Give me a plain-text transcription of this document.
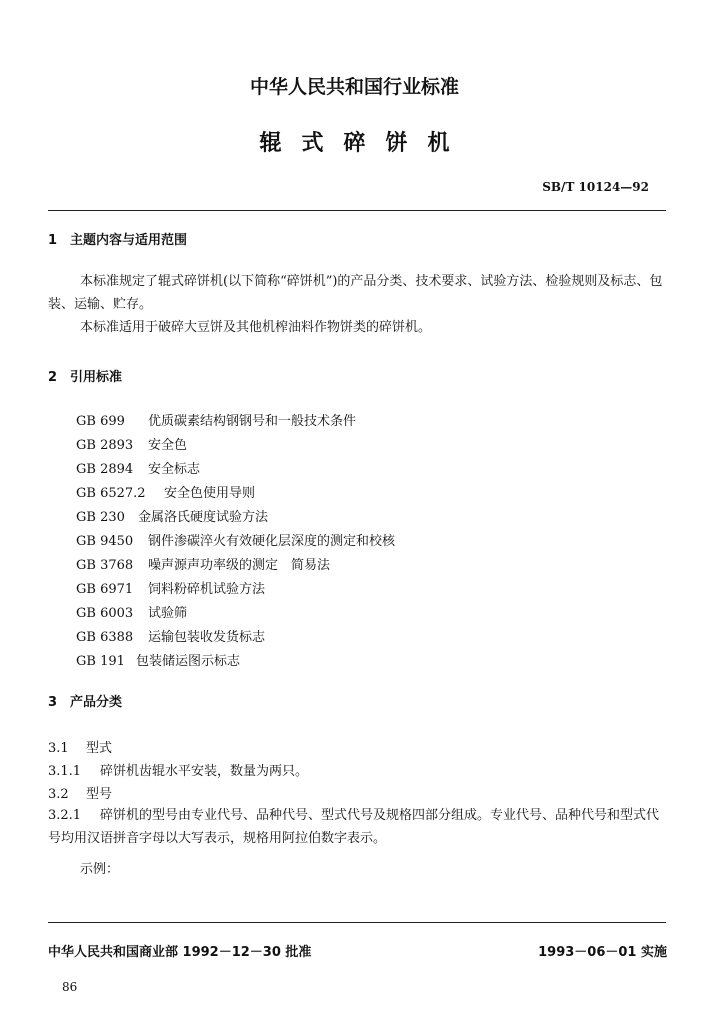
中华人民共和国行业标准
辊式碎饼机
SB/T 10124—92
1 主题内容与适用范围
本标准规定了辊式碎饼机(以下简称“碎饼机”)的产品分类、技术要求、试验方法、检验规则及标志、包装、运输、贮存。
本标准适用于破碎大豆饼及其他机榨油料作物饼类的碎饼机。
2 引用标准
GB 699 优质碳素结构钢钢号和一般技术条件
GB 2893 安全色
GB 2894 安全标志
GB 6527.2 安全色使用导则
GB 230 金属洛氏硬度试验方法
GB 9450 钢件渗碳淬火有效硬化层深度的测定和校核
GB 3768 噪声源声功率级的测定　简易法
GB 6971 饲料粉碎机试验方法
GB 6003 试验筛
GB 6388 运输包装收发货标志
GB 191 包装储运图示标志
3 产品分类
3.1 型式
3.1.1 碎饼机齿辊水平安装，数量为两只。
3.2 型号
3.2.1 碎饼机的型号由专业代号、品种代号、型式代号及规格四部分组成。专业代号、品种代号和型式代号均用汉语拼音字母以大写表示，规格用阿拉伯数字表示。
示例：
中华人民共和国商业部 1992－12－30 批准	1993－06－01 实施
86
